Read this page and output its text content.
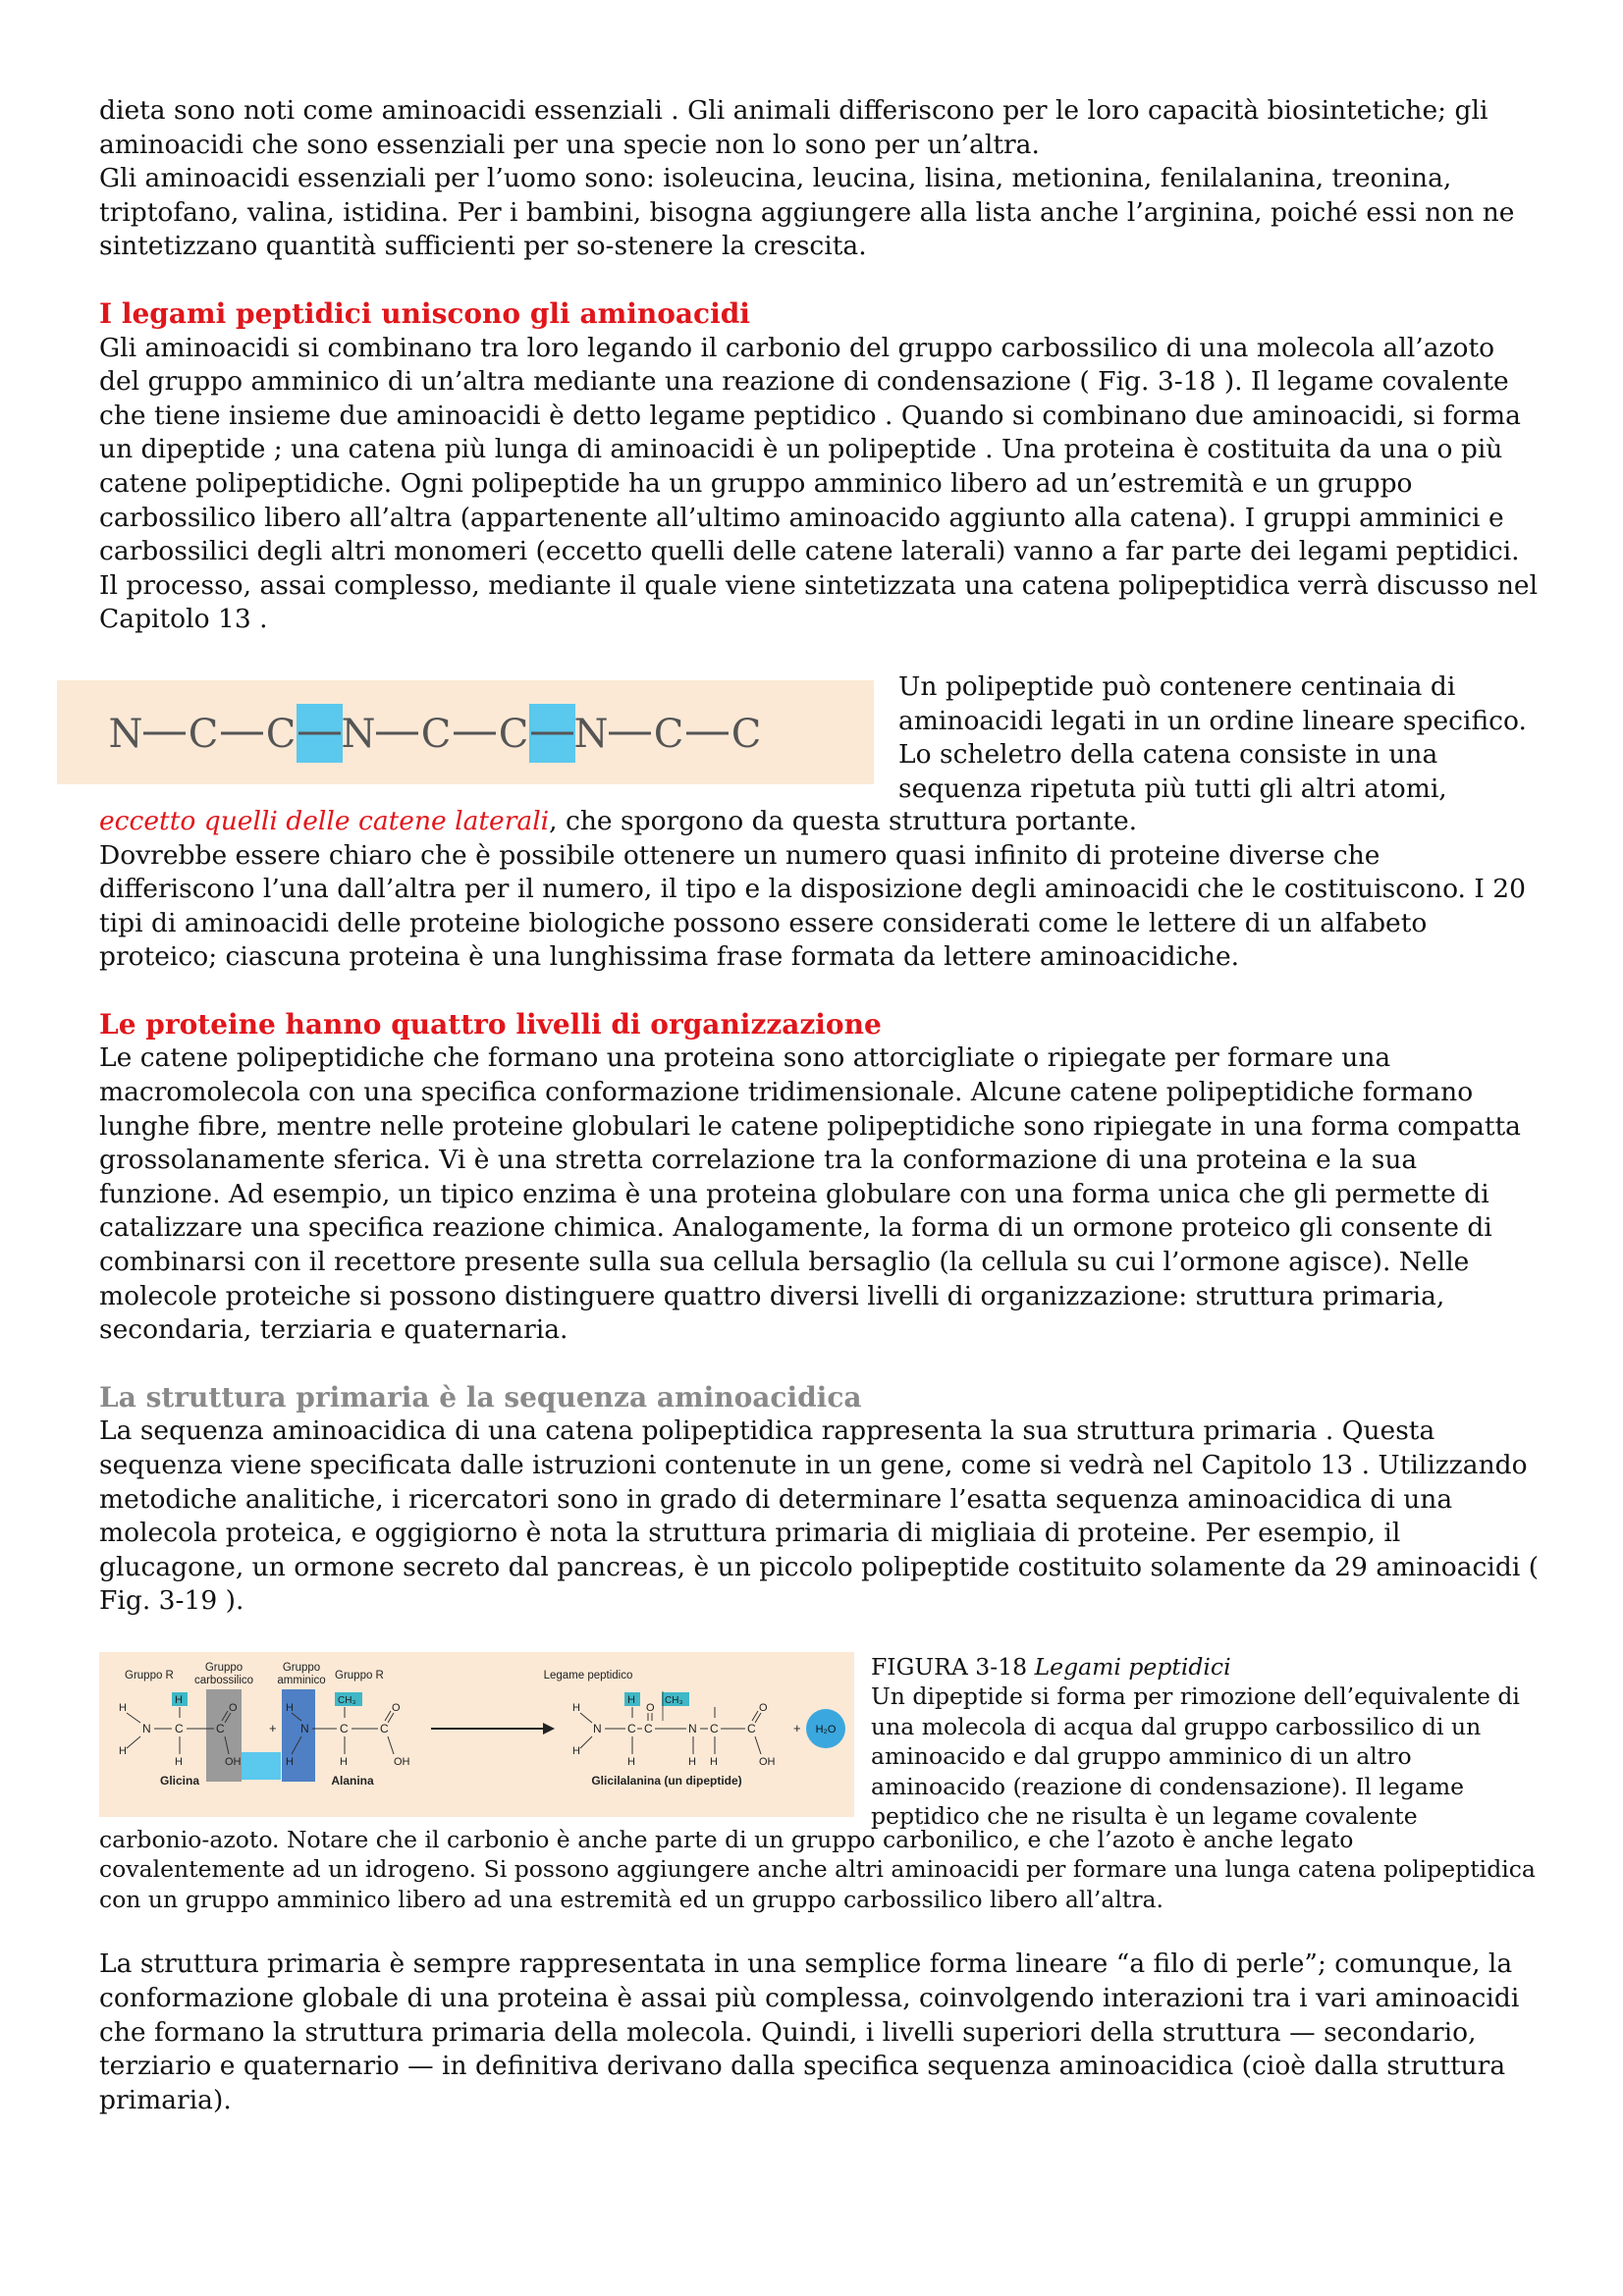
dieta sono noti come aminoacidi essenziali . Gli animali differiscono per le loro capacità biosintetiche; gli aminoacidi che sono essenziali per una specie non lo sono per un’altra.

Gli aminoacidi essenziali per l’uomo sono: isoleucina, leucina, lisina, metionina, fenilalanina, treonina, triptofano, valina, istidina. Per i bambini, bisogna aggiungere alla lista anche l’arginina, poiché essi non ne sintetizzano quantità sufficienti per so-stenere la crescita.

I legami peptidici uniscono gli aminoacidi

Gli aminoacidi si combinano tra loro legando il carbonio del gruppo carbossilico di una molecola all’azoto del gruppo amminico di un’altra mediante una reazione di condensazione ( Fig. 3-18 ). Il legame covalente che tiene insieme due aminoacidi è detto legame peptidico . Quando si combinano due aminoacidi, si forma un dipeptide ; una catena più lunga di aminoacidi è un polipeptide . Una proteina è costituita da una o più catene polipeptidiche. Ogni polipeptide ha un gruppo amminico libero ad un’estremità e un gruppo carbossilico libero all’altra (appartenente all’ultimo aminoacido aggiunto alla catena). I gruppi amminici e carbossilici degli altri monomeri (eccetto quelli delle catene laterali) vanno a far parte dei legami peptidici. Il processo, assai complesso, mediante il quale viene sintetizzata una catena polipeptidica verrà discusso nel Capitolo 13 .

N C C N C C N C C

Un polipeptide può contenere centinaia di aminoacidi legati in un ordine lineare specifico. Lo scheletro della catena consiste in una sequenza ripetuta più tutti gli altri atomi,

eccetto quelli delle catene laterali, che sporgono da questa struttura portante.

Dovrebbe essere chiaro che è possibile ottenere un numero quasi infinito di proteine diverse che differiscono l’una dall’altra per il numero, il tipo e la disposizione degli aminoacidi che le costituiscono. I 20 tipi di aminoacidi delle proteine biologiche possono essere considerati come le lettere di un alfabeto proteico; ciascuna proteina è una lunghissima frase formata da lettere aminoacidiche.

Le proteine hanno quattro livelli di organizzazione

Le catene polipeptidiche che formano una proteina sono attorcigliate o ripiegate per formare una macromolecola con una specifica conformazione tridimensionale. Alcune catene polipeptidiche formano lunghe fibre, mentre nelle proteine globulari le catene polipeptidiche sono ripiegate in una forma compatta grossolanamente sferica. Vi è una stretta correlazione tra la conformazione di una proteina e la sua funzione. Ad esempio, un tipico enzima è una proteina globulare con una forma unica che gli permette di catalizzare una specifica reazione chimica. Analogamente, la forma di un ormone proteico gli consente di combinarsi con il recettore presente sulla sua cellula bersaglio (la cellula su cui l’ormone agisce). Nelle molecole proteiche si possono distinguere quattro diversi livelli di organizzazione: struttura primaria, secondaria, terziaria e quaternaria.

La struttura primaria è la sequenza aminoacidica

La sequenza aminoacidica di una catena polipeptidica rappresenta la sua struttura primaria . Questa sequenza viene specificata dalle istruzioni contenute in un gene, come si vedrà nel Capitolo 13 . Utilizzando metodiche analitiche, i ricercatori sono in grado di determinare l’esatta sequenza aminoacidica di una molecola proteica, e oggigiorno è nota la struttura primaria di migliaia di proteine. Per esempio, il glucagone, un ormone secreto dal pancreas, è un piccolo polipeptide costituito solamente da 29 aminoacidi ( Fig. 3-19 ).

Gruppo R
Gruppo
carbossilico
Gruppo
amminico Gruppo R	Legame peptidico
H
H
N
H
C
H
C
O
OH
+
H
N
H
C
H
C
O
CH₃
OH
H
N
H
H
C
H
C
O
N
H
C
H
C
O
CH₃
OH
+ H₂O
Glicina	Alanina	Glicilalanina (un dipeptide)

FIGURA 3-18 Legami peptidici

Un dipeptide si forma per rimozione dell’equivalente di una molecola di acqua dal gruppo carbossilico di un aminoacido e dal gruppo amminico di un altro aminoacido (reazione di condensazione). Il legame peptidico che ne risulta è un legame covalente

carbonio-azoto. Notare che il carbonio è anche parte di un gruppo carbonilico, e che l’azoto è anche legato covalentemente ad un idrogeno. Si possono aggiungere anche altri aminoacidi per formare una lunga catena polipeptidica con un gruppo amminico libero ad una estremità ed un gruppo carbossilico libero all’altra.

La struttura primaria è sempre rappresentata in una semplice forma lineare “a filo di perle”; comunque, la conformazione globale di una proteina è assai più complessa, coinvolgendo interazioni tra i vari aminoacidi che formano la struttura primaria della molecola. Quindi, i livelli superiori della struttura — secondario, terziario e quaternario — in definitiva derivano dalla specifica sequenza aminoacidica (cioè dalla struttura primaria).
